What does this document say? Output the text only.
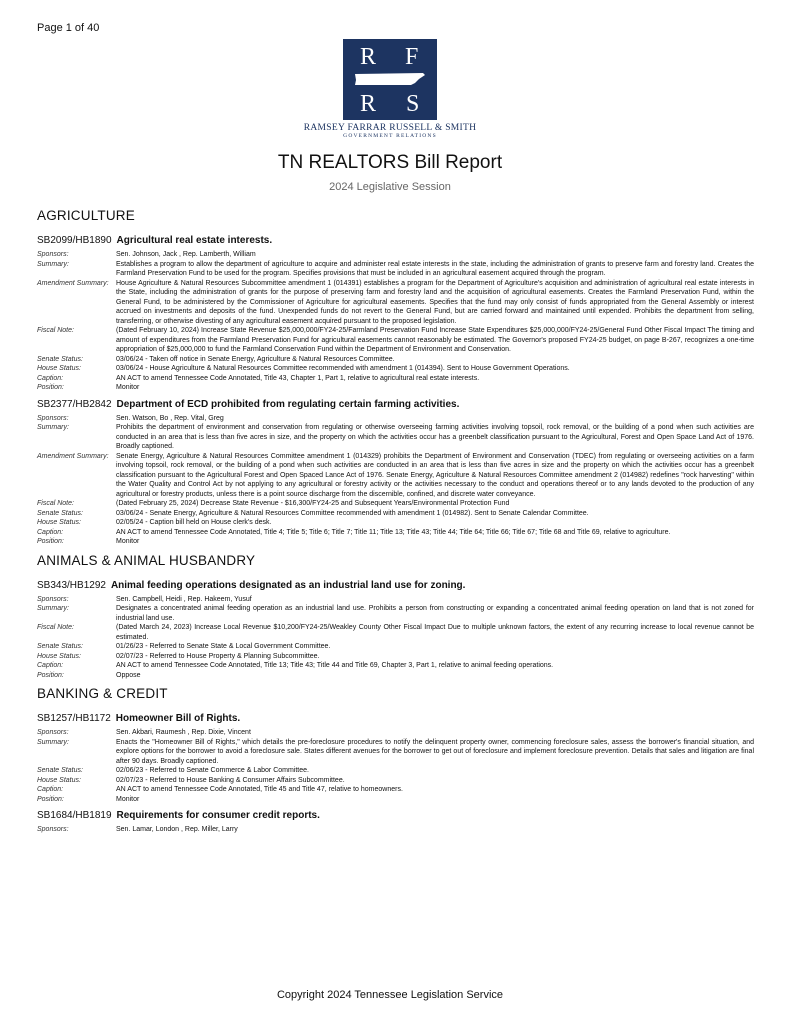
Page 1 of 40
R F
R S
RAMSEY FARRAR RUSSELL & SMITH
GOVERNMENT RELATIONS
TN REALTORS Bill Report
2024 Legislative Session
AGRICULTURE
SB2099/HB1890 Agricultural real estate interests.
Sponsors:	Sen. Johnson, Jack , Rep. Lamberth, William
Summary:	Establishes a program to allow the department of agriculture to acquire and administer real estate interests in the state, including the administration of grants to preserve farm and forestry land. Creates the Farmland Preservation Fund to be used for the program. Specifies provisions that must be included in an agricultural easement acquired through the program.
Amendment Summary:	House Agriculture & Natural Resources Subcommittee amendment 1 (014391) establishes a program for the Department of Agriculture's acquisition and administration of agricultural real estate interests in the State, including the administration of grants for the purpose of preserving farm and forestry land and the acquisition of agricultural easements. Creates the Farmland Preservation Fund, within the General Fund, to be administered by the Commissioner of Agriculture for agricultural easements. Specifies that the fund may only consist of funds appropriated from the General Assembly or interest accrued on investments and deposits of the fund. Unexpended funds do not revert to the General Fund, but are carried forward and maintained until expended. Prohibits the department from selling, transferring, or otherwise divesting of any agricultural easement acquired pursuant to the proposed legislation.
Fiscal Note:	(Dated February 10, 2024) Increase State Revenue $25,000,000/FY24-25/Farmland Preservation Fund Increase State Expenditures $25,000,000/FY24-25/General Fund Other Fiscal Impact The timing and amount of expenditures from the Farmland Preservation Fund for agricultural easements cannot reasonably be estimated. The Governor's proposed FY24-25 budget, on page B-267, recognizes a one-time appropriation of $25,000,000 to fund the Farmland Conservation Fund within the Department of Environment and Conservation.
Senate Status:	03/06/24 - Taken off notice in Senate Energy, Agriculture & Natural Resources Committee.
House Status:	03/06/24 - House Agriculture & Natural Resources Committee recommended with amendment 1 (014394). Sent to House Government Operations.
Caption:	AN ACT to amend Tennessee Code Annotated, Title 43, Chapter 1, Part 1, relative to agricultural real estate interests.
Position:	Monitor
SB2377/HB2842 Department of ECD prohibited from regulating certain farming activities.
Sponsors:	Sen. Watson, Bo , Rep. Vital, Greg
Summary:	Prohibits the department of environment and conservation from regulating or otherwise overseeing farming activities involving topsoil, rock removal, or the building of a pond when such activities are conducted in an area that is less than five acres in size, and the property on which the activities occur has a greenbelt classification pursuant to the Agricultural, Forest and Open Space Land Act of 1976. Broadly captioned.
Amendment Summary:	Senate Energy, Agriculture & Natural Resources Committee amendment 1 (014329) prohibits the Department of Environment and Conservation (TDEC) from regulating or overseeing activities on a farm involving topsoil, rock removal, or the building of a pond when such activities are conducted in an area that is less than five acres in size and the property on which the activities occur has a greenbelt classification pursuant to the Agricultural Forest and Open Spaced Lance Act of 1976. Senate Energy, Agriculture & Natural Resources Committee amendment 2 (014982) redefines "rock harvesting" within the Water Quality and Control Act by not applying to any agricultural or forestry activity or the activities necessary to the conduct and operations thereof or to any lands devoted to the production of any agricultural or forestry products, unless there is a point source discharge from the discernible, confined, and discrete water conveyance.
Fiscal Note:	(Dated February 25, 2024) Decrease State Revenue - $16,300/FY24-25 and Subsequent Years/Environmental Protection Fund
Senate Status:	03/06/24 - Senate Energy, Agriculture & Natural Resources Committee recommended with amendment 1 (014982). Sent to Senate Calendar Committee.
House Status:	02/05/24 - Caption bill held on House clerk's desk.
Caption:	AN ACT to amend Tennessee Code Annotated, Title 4; Title 5; Title 6; Title 7; Title 11; Title 13; Title 43; Title 44; Title 64; Title 66; Title 67; Title 68 and Title 69, relative to agriculture.
Position:	Monitor
ANIMALS & ANIMAL HUSBANDRY
SB343/HB1292 Animal feeding operations designated as an industrial land use for zoning.
Sponsors:	Sen. Campbell, Heidi , Rep. Hakeem, Yusuf
Summary:	Designates a concentrated animal feeding operation as an industrial land use. Prohibits a person from constructing or expanding a concentrated animal feeding operation on land that is not zoned for industrial land use.
Fiscal Note:	(Dated March 24, 2023) Increase Local Revenue $10,200/FY24-25/Weakley County Other Fiscal Impact Due to multiple unknown factors, the extent of any recurring increase to local revenue cannot be estimated.
Senate Status:	01/26/23 - Referred to Senate State & Local Government Committee.
House Status:	02/07/23 - Referred to House Property & Planning Subcommittee.
Caption:	AN ACT to amend Tennessee Code Annotated, Title 13; Title 43; Title 44 and Title 69, Chapter 3, Part 1, relative to animal feeding operations.
Position:	Oppose
BANKING & CREDIT
SB1257/HB1172 Homeowner Bill of Rights.
Sponsors:	Sen. Akbari, Raumesh , Rep. Dixie, Vincent
Summary:	Enacts the "Homeowner Bill of Rights," which details the pre-foreclosure procedures to notify the delinquent property owner, commencing foreclosure sales, assess the borrower's financial situation, and explore options for the borrower to avoid a foreclosure sale. States different avenues for the borrower to get out of foreclosure and implement foreclosure prevention. Details that sales and litigation are final after 90 days. Broadly captioned.
Senate Status:	02/06/23 - Referred to Senate Commerce & Labor Committee.
House Status:	02/07/23 - Referred to House Banking & Consumer Affairs Subcommittee.
Caption:	AN ACT to amend Tennessee Code Annotated, Title 45 and Title 47, relative to homeowners.
Position:	Monitor
SB1684/HB1819 Requirements for consumer credit reports.
Sponsors:	Sen. Lamar, London , Rep. Miller, Larry
Copyright 2024 Tennessee Legislation Service
